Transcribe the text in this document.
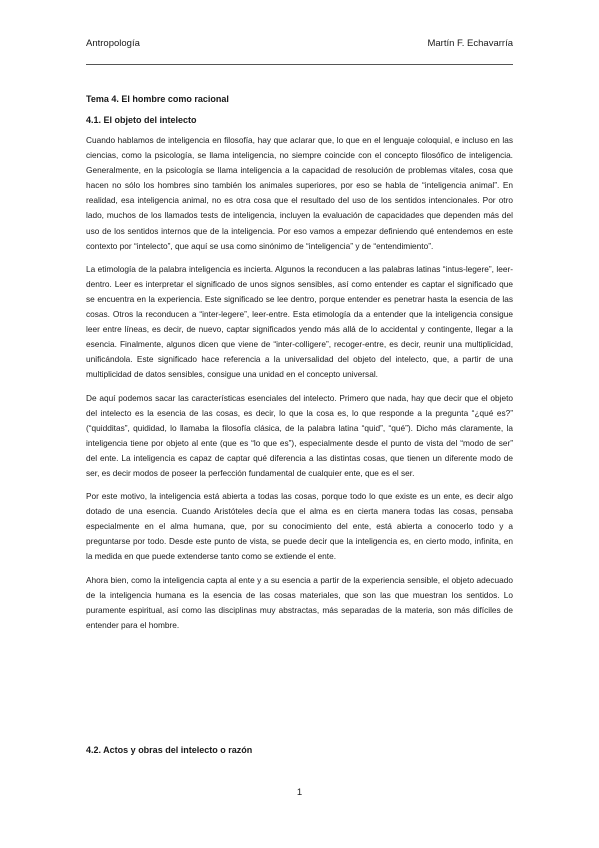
Antropología	Martín F. Echavarría
Tema 4. El hombre como racional
4.1. El objeto del intelecto

Cuando hablamos de inteligencia en filosofía, hay que aclarar que, lo que en el lenguaje coloquial, e incluso en las ciencias, como la psicología, se llama inteligencia, no siempre coincide con el concepto filosófico de inteligencia. Generalmente, en la psicología se llama inteligencia a la capacidad de resolución de problemas vitales, cosa que hacen no sólo los hombres sino también los animales superiores, por eso se habla de “inteligencia animal”. En realidad, esa inteligencia animal, no es otra cosa que el resultado del uso de los sentidos intencionales. Por otro lado, muchos de los llamados tests de inteligencia, incluyen la evaluación de capacidades que dependen más del uso de los sentidos internos que de la inteligencia. Por eso vamos a empezar definiendo qué entendemos en este contexto por “intelecto”, que aquí se usa como sinónimo de “inteligencia” y de “entendimiento”.

La etimología de la palabra inteligencia es incierta. Algunos la reconducen a las palabras latinas “intus-legere”, leer-dentro. Leer es interpretar el significado de unos signos sensibles, así como entender es captar el significado que se encuentra en la experiencia. Este significado se lee dentro, porque entender es penetrar hasta la esencia de las cosas. Otros la reconducen a “inter-legere”, leer-entre. Esta etimología da a entender que la inteligencia consigue leer entre líneas, es decir, de nuevo, captar significados yendo más allá de lo accidental y contingente, llegar a la esencia. Finalmente, algunos dicen que viene de “inter-colligere”, recoger-entre, es decir, reunir una multiplicidad, unificándola. Este significado hace referencia a la universalidad del objeto del intelecto, que, a partir de una multiplicidad de datos sensibles, consigue una unidad en el concepto universal.

De aquí podemos sacar las características esenciales del intelecto. Primero que nada, hay que decir que el objeto del intelecto es la esencia de las cosas, es decir, lo que la cosa es, lo que responde a la pregunta “¿qué es?” (“quidditas”, quididad, lo llamaba la filosofía clásica, de la palabra latina “quid”, “qué”). Dicho más claramente, la inteligencia tiene por objeto al ente (que es “lo que es”), especialmente desde el punto de vista del “modo de ser” del ente. La inteligencia es capaz de captar qué diferencia a las distintas cosas, que tienen un diferente modo de ser, es decir modos de poseer la perfección fundamental de cualquier ente, que es el ser.

Por este motivo, la inteligencia está abierta a todas las cosas, porque todo lo que existe es un ente, es decir algo dotado de una esencia. Cuando Aristóteles decía que el alma es en cierta manera todas las cosas, pensaba especialmente en el alma humana, que, por su conocimiento del ente, está abierta a conocerlo todo y a preguntarse por todo. Desde este punto de vista, se puede decir que la inteligencia es, en cierto modo, infinita, en la medida en que puede extenderse tanto como se extiende el ente.

Ahora bien, como la inteligencia capta al ente y a su esencia a partir de la experiencia sensible, el objeto adecuado de la inteligencia humana es la esencia de las cosas materiales, que son las que muestran los sentidos. Lo puramente espiritual, así como las disciplinas muy abstractas, más separadas de la materia, son más difíciles de entender para el hombre.

4.2. Actos y obras del intelecto o razón
1
